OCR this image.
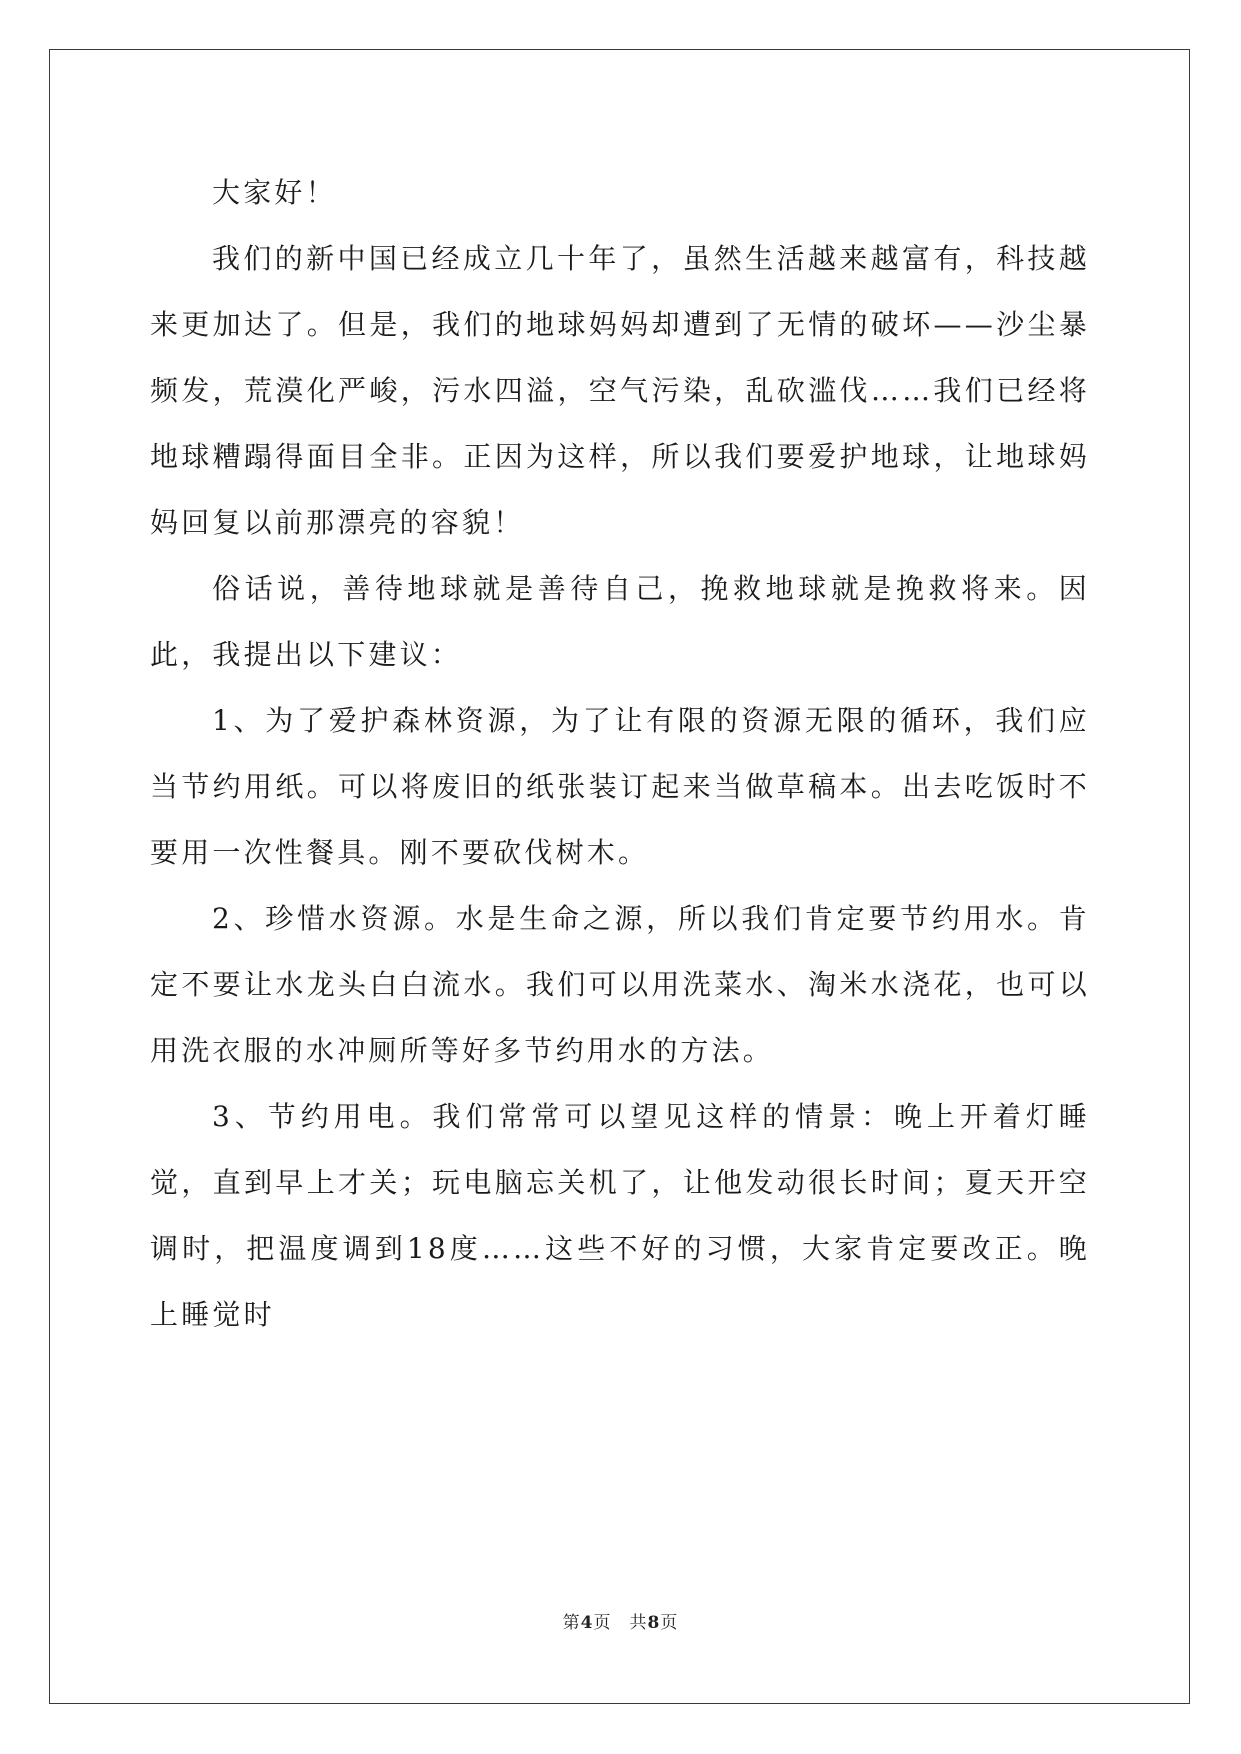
大家好！

我们的新中国已经成立几十年了，虽然生活越来越富有，科技越来更加达了。但是，我们的地球妈妈却遭到了无情的破坏——沙尘暴频发，荒漠化严峻，污水四溢，空气污染，乱砍滥伐……我们已经将地球糟蹋得面目全非。正因为这样，所以我们要爱护地球，让地球妈妈回复以前那漂亮的容貌！

俗话说，善待地球就是善待自己，挽救地球就是挽救将来。因此，我提出以下建议：

1、为了爱护森林资源，为了让有限的资源无限的循环，我们应当节约用纸。可以将废旧的纸张装订起来当做草稿本。出去吃饭时不要用一次性餐具。刚不要砍伐树木。

2、珍惜水资源。水是生命之源，所以我们肯定要节约用水。肯定不要让水龙头白白流水。我们可以用洗菜水、淘米水浇花，也可以用洗衣服的水冲厕所等好多节约用水的方法。

3、节约用电。我们常常可以望见这样的情景：晚上开着灯睡觉，直到早上才关；玩电脑忘关机了，让他发动很长时间；夏天开空调时，把温度调到18度……这些不好的习惯，大家肯定要改正。晚上睡觉时

第4页 共8页
